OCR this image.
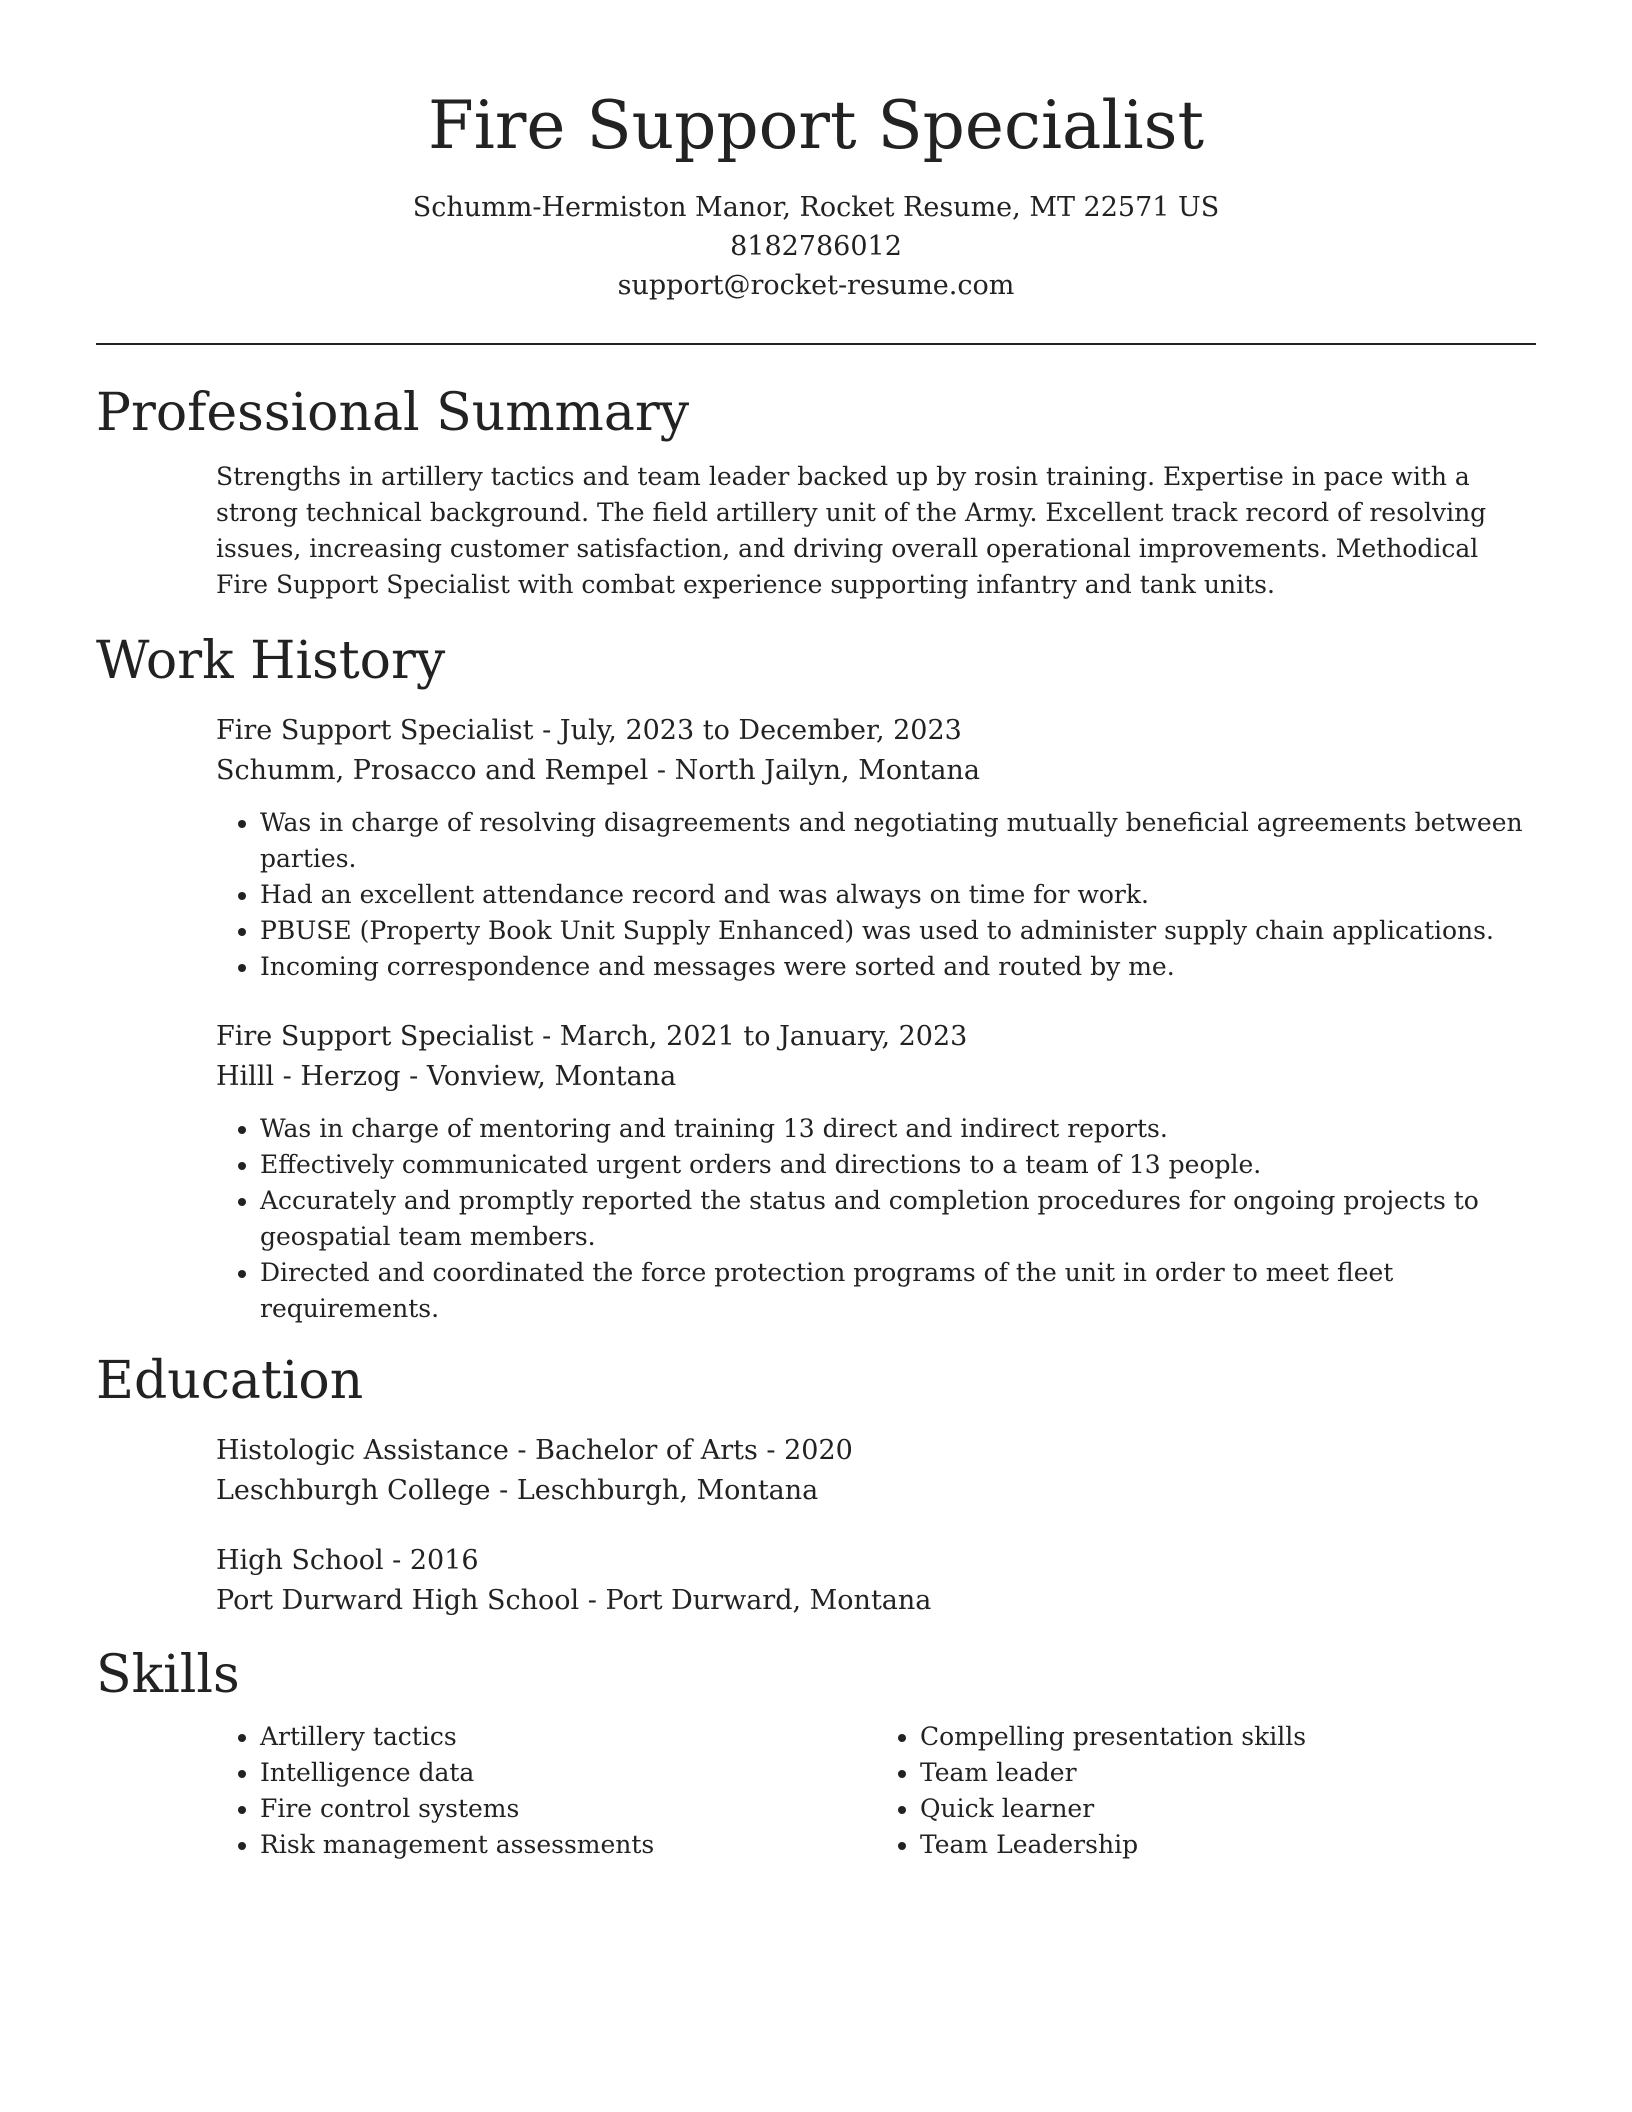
Fire Support Specialist
Schumm-Hermiston Manor, Rocket Resume, MT 22571 US
8182786012
support@rocket-resume.com
Professional Summary
Strengths in artillery tactics and team leader backed up by rosin training. Expertise in pace with a strong technical background. The field artillery unit of the Army. Excellent track record of resolving issues, increasing customer satisfaction, and driving overall operational improvements. Methodical Fire Support Specialist with combat experience supporting infantry and tank units.
Work History
Fire Support Specialist - July, 2023 to December, 2023
Schumm, Prosacco and Rempel - North Jailyn, Montana
• Was in charge of resolving disagreements and negotiating mutually beneficial agreements between parties.
• Had an excellent attendance record and was always on time for work.
• PBUSE (Property Book Unit Supply Enhanced) was used to administer supply chain applications.
• Incoming correspondence and messages were sorted and routed by me.
Fire Support Specialist - March, 2021 to January, 2023
Hilll - Herzog - Vonview, Montana
• Was in charge of mentoring and training 13 direct and indirect reports.
• Effectively communicated urgent orders and directions to a team of 13 people.
• Accurately and promptly reported the status and completion procedures for ongoing projects to geospatial team members.
• Directed and coordinated the force protection programs of the unit in order to meet fleet requirements.
Education
Histologic Assistance - Bachelor of Arts - 2020
Leschburgh College - Leschburgh, Montana
High School - 2016
Port Durward High School - Port Durward, Montana
Skills
• Artillery tactics
• Intelligence data
• Fire control systems
• Risk management assessments
• Compelling presentation skills
• Team leader
• Quick learner
• Team Leadership
